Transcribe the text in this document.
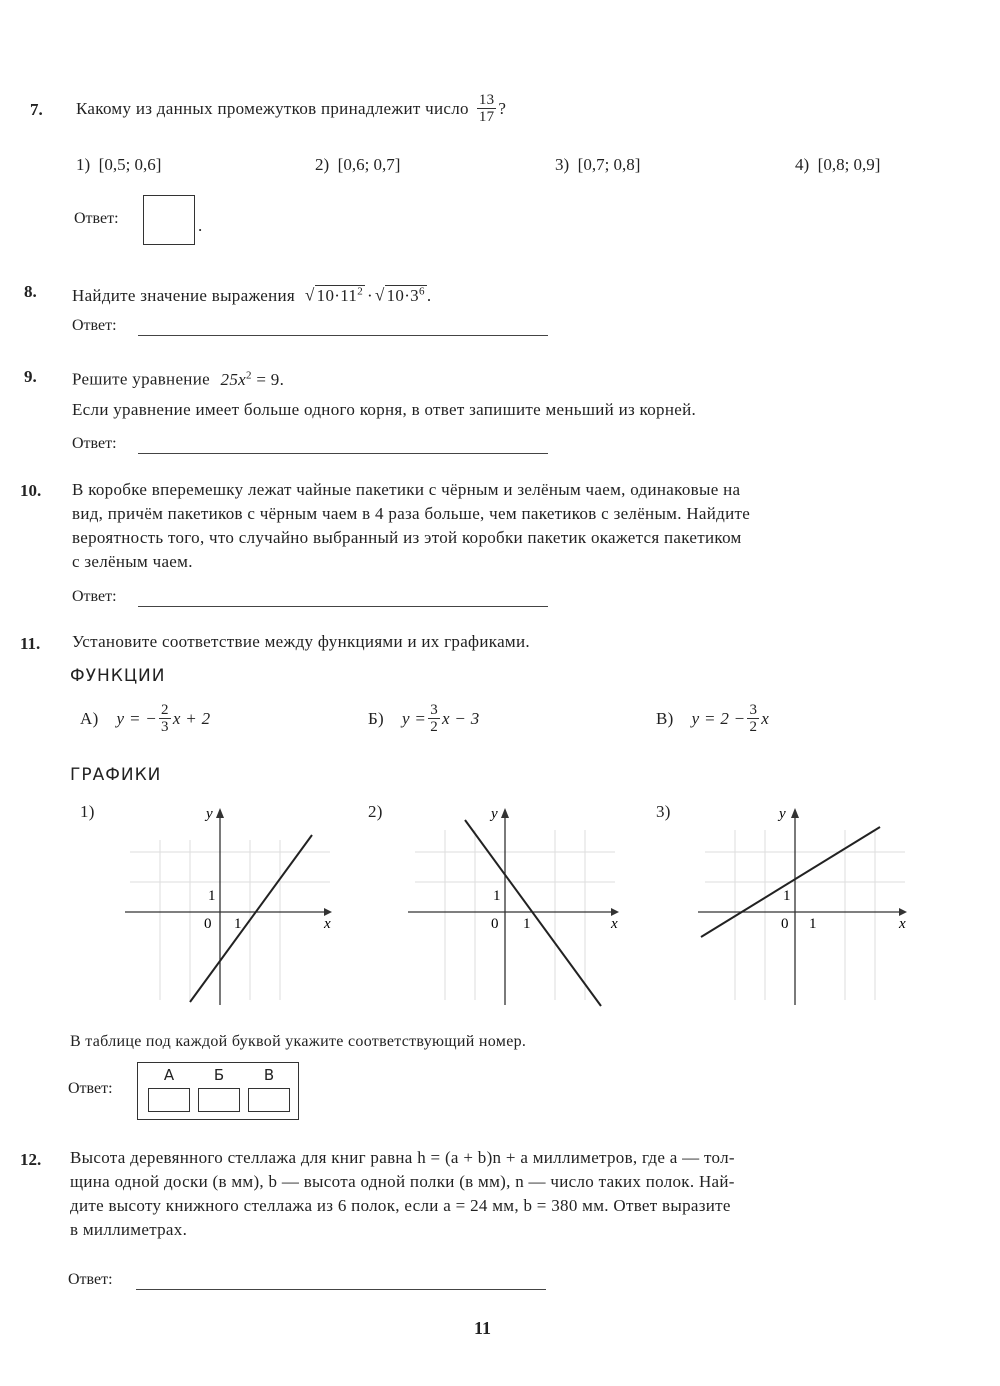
7. Какому из данных промежутков принадлежит число $\frac{13}{17}$ ?
1) [0,5; 0,6]	2) [0,6; 0,7]	3) [0,7; 0,8]	4) [0,8; 0,9]
Ответ:	.
8. Найдите значение выражения √ $10\cdot 11^2$ · √ $10\cdot 3^6$ .
Ответ:
9. Решите уравнение $25x^2 = 9$.
Если уравнение имеет больше одного корня, в ответ запишите меньший из корней.
Ответ:
10. В коробке вперемешку лежат чайные пакетики с чёрным и зелёным чаем, одинаковые на
вид, причём пакетиков с чёрным чаем в 4 раза больше, чем пакетиков с зелёным. Найдите
вероятность того, что случайно выбранный из этой коробки пакетик окажется пакетиком
с зелёным чаем.
Ответ:
11. Установите соответствие между функциями и их графиками.
ФУНКЦИИ
А) y = − $\frac{2}{3}$ x + 2	Б) $y = \frac{3}{2}$ x − 3	В) $y = 2 - \frac{3}{2}$ x
ГРАФИКИ
1)	y
x
0 1
1
2)	y
x
0 1
1
3)	y
x
0 1
1
В таблице под каждой буквой укажите соответствующий номер.
Ответ:
А	Б	В
12. Высота деревянного стеллажа для книг равна h = (a + b)n + a миллиметров, где a — тол-
щина одной доски (в мм), b — высота одной полки (в мм), n — число таких полок. Най-
дите высоту книжного стеллажа из 6 полок, если a = 24 мм, b = 380 мм. Ответ выразите
в миллиметрах.
Ответ:
11
